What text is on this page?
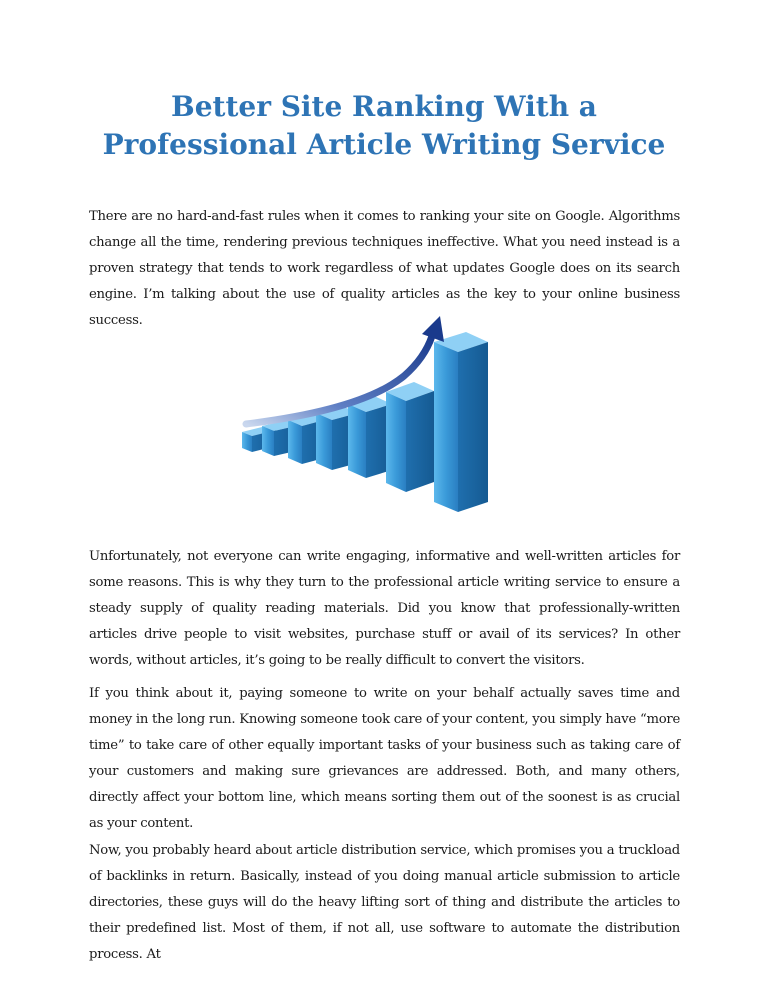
Better Site Ranking With a
Professional Article Writing Service

There are no hard-and-fast rules when it comes to ranking your site on Google. Algorithms change all the time, rendering previous techniques ineffective. What you need instead is a proven strategy that tends to work regardless of what updates Google does on its search engine. I’m talking about the use of quality articles as the key to your online business success.

Unfortunately, not everyone can write engaging, informative and well-written articles for some reasons. This is why they turn to the professional article writing service to ensure a steady supply of quality reading materials. Did you know that professionally-written articles drive people to visit websites, purchase stuff or avail of its services? In other words, without articles, it’s going to be really difficult to convert the visitors.

If you think about it, paying someone to write on your behalf actually saves time and money in the long run. Knowing someone took care of your content, you simply have “more time” to take care of other equally important tasks of your business such as taking care of your customers and making sure grievances are addressed. Both, and many others, directly affect your bottom line, which means sorting them out of the soonest is as crucial as your content.

Now, you probably heard about article distribution service, which promises you a truckload of backlinks in return. Basically, instead of you doing manual article submission to article directories, these guys will do the heavy lifting sort of thing and distribute the articles to their predefined list. Most of them, if not all, use software to automate the distribution process. At
